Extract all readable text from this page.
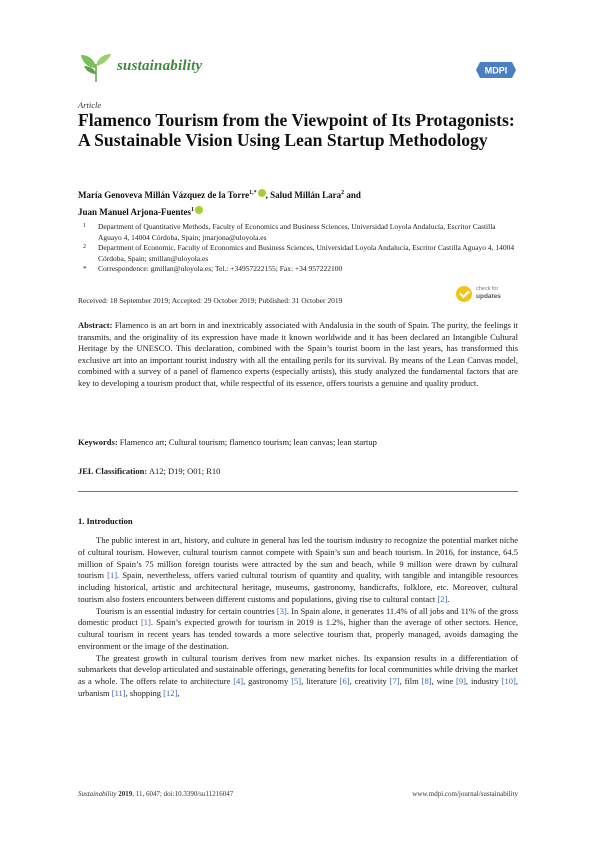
sustainability	MDPI
Article
Flamenco Tourism from the Viewpoint of Its Protagonists: A Sustainable Vision Using Lean Startup Methodology
María Genoveva Millán Vázquez de la Torre$^{1,*}$ , Salud Millán Lara$^2$ and
Juan Manuel Arjona-Fuentes$^1$
1 Department of Quantitative Methods, Faculty of Economics and Business Sciences, Universidad Loyola Andalucía, Escritor Castilla Aguayo 4, 14004 Córdoba, Spain; jmarjona@uloyola.es
2 Department of Economic, Faculty of Economics and Business Sciences, Universidad Loyola Andalucía, Escritor Castilla Aguayo 4, 14004 Córdoba, Spain; smillan@uloyola.es
* Correspondence: gmillan@uloyola.es; Tel.: +34957222155; Fax: +34 957222100
Received: 18 September 2019; Accepted: 29 October 2019; Published: 31 October 2019
check for
updates
Abstract: Flamenco is an art born in and inextricably associated with Andalusia in the south of Spain. The purity, the feelings it transmits, and the originality of its expression have made it known worldwide and it has been declared an Intangible Cultural Heritage by the UNESCO. This declaration, combined with the Spain’s tourist boom in the last years, has transformed this exclusive art into an important tourist industry with all the entailing perils for its survival. By means of the Lean Canvas model, combined with a survey of a panel of flamenco experts (especially artists), this study analyzed the fundamental factors that are key to developing a tourism product that, while respectful of its essence, offers tourists a genuine and quality product.
Keywords: Flamenco art; Cultural tourism; flamenco tourism; lean canvas; lean startup
JEL Classification: A12; D19; O01; R10
1. Introduction

The public interest in art, history, and culture in general has led the tourism industry to recognize the potential market niche of cultural tourism. However, cultural tourism cannot compete with Spain’s sun and beach tourism. In 2016, for instance, 64.5 million of Spain’s 75 million foreign tourists were attracted by the sun and beach, while 9 million were drawn by cultural tourism [1]. Spain, nevertheless, offers varied cultural tourism of quantity and quality, with tangible and intangible resources including historical, artistic and architectural heritage, museums, gastronomy, handicrafts, folklore, etc. Moreover, cultural tourism also fosters encounters between different customs and populations, giving rise to cultural contact [2].

Tourism is an essential industry for certain countries [3]. In Spain alone, it generates 11.4% of all jobs and 11% of the gross domestic product [1]. Spain’s expected growth for tourism in 2019 is 1.2%, higher than the average of other sectors. Hence, cultural tourism in recent years has tended towards a more selective tourism that, properly managed, avoids damaging the environment or the image of the destination.

The greatest growth in cultural tourism derives from new market niches. Its expansion results in a differentiation of submarkets that develop articulated and sustainable offerings, generating benefits for local communities while driving the market as a whole. The offers relate to architecture [4], gastronomy [5], literature [6], creativity [7], film [8], wine [9], industry [10], urbanism [11], shopping [12],

Sustainability 2019, 11, 6047; doi:10.3390/su11216047	www.mdpi.com/journal/sustainability
